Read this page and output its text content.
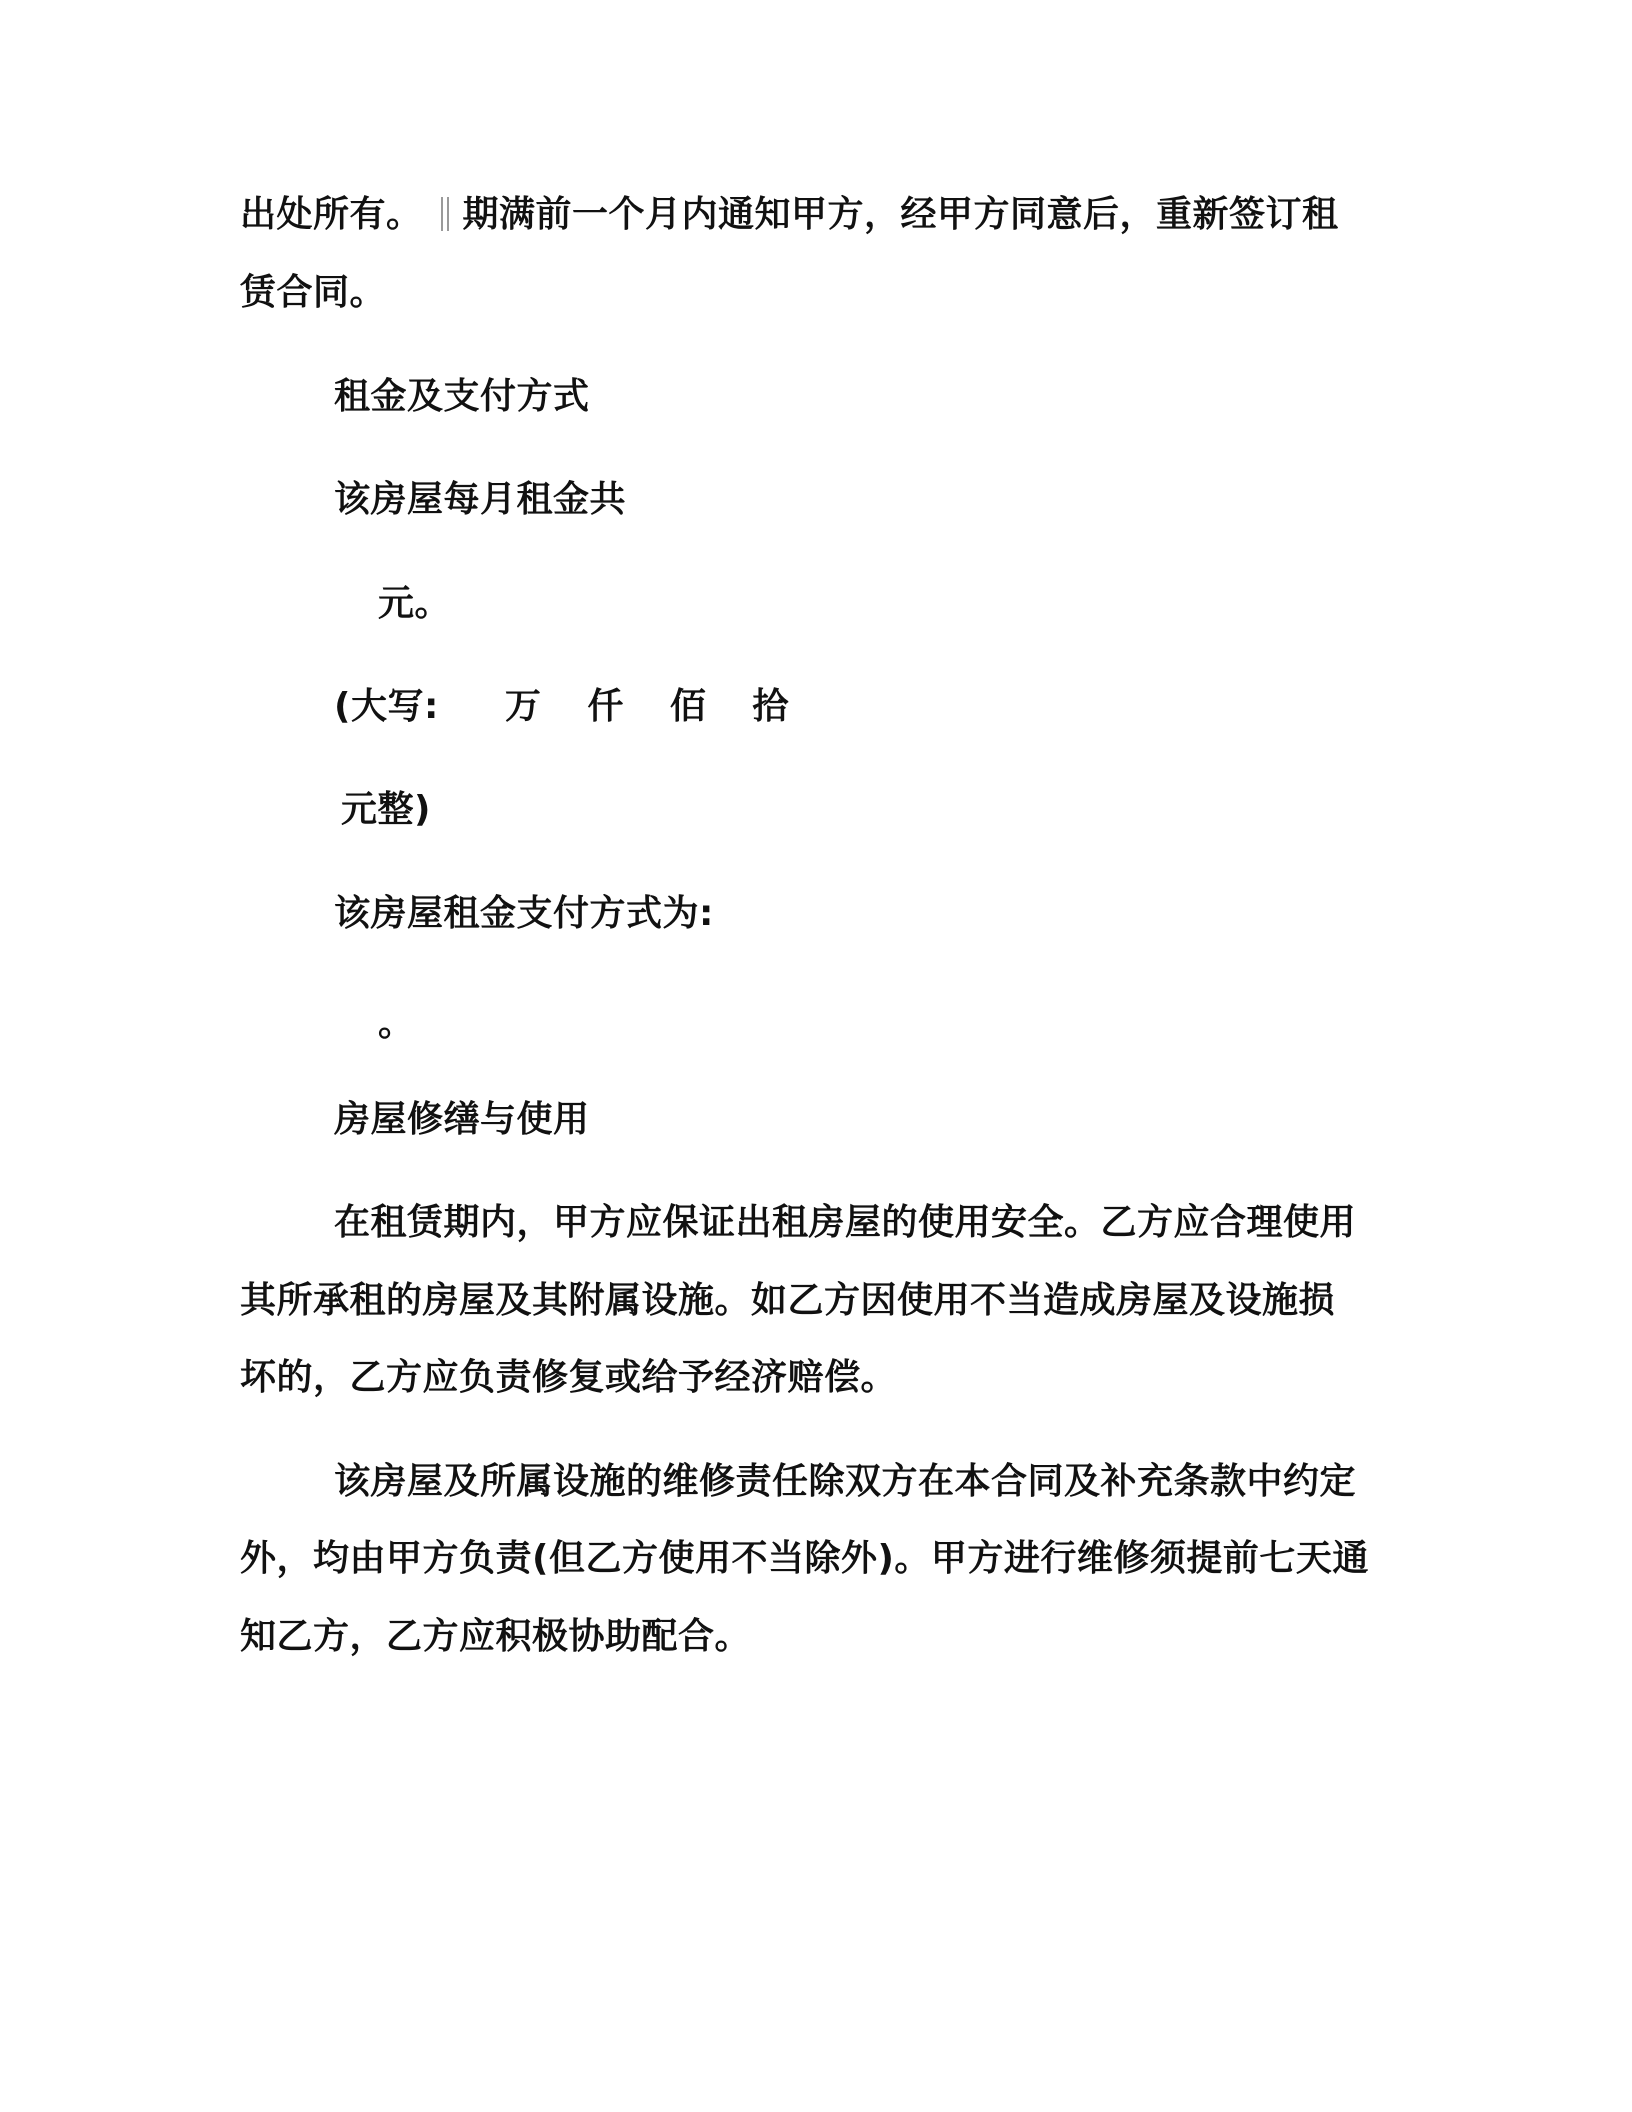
出处所有。 期满前一个月内通知甲方，经甲方同意后，重新签订租
赁合同。
租金及支付方式
该房屋每月租金共
元。
(大写: 万 仟 佰 拾
元整)
该房屋租金支付方式为:
。
房屋修缮与使用
在租赁期内，甲方应保证出租房屋的使用安全。乙方应合理使用
其所承租的房屋及其附属设施。如乙方因使用不当造成房屋及设施损
坏的，乙方应负责修复或给予经济赔偿。
该房屋及所属设施的维修责任除双方在本合同及补充条款中约定
外，均由甲方负责(但乙方使用不当除外)。甲方进行维修须提前七天通
知乙方，乙方应积极协助配合。
